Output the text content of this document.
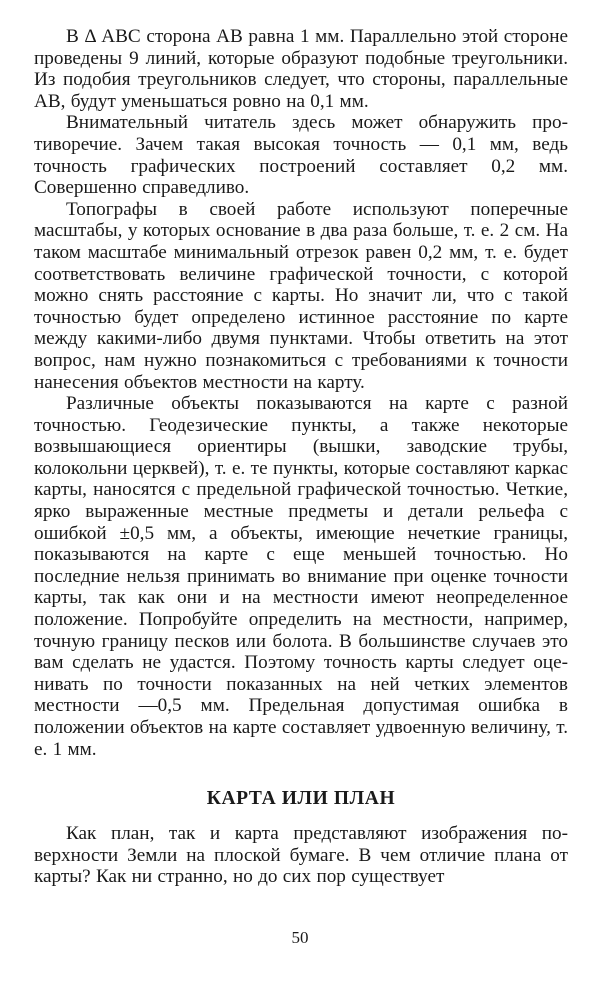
В Δ ABC сторона AB равна 1 мм. Параллельно этой стороне проведены 9 линий, которые образуют подобные треугольники. Из подобия треугольников следует, что стороны, параллельные AB, будут уменьшаться ровно на 0,1 мм.

Внимательный читатель здесь может обнаружить противоречие. Зачем такая высокая точность — 0,1 мм, ведь точность графических построений составляет 0,2 мм. Совершенно справедливо.

Топографы в своей работе используют поперечные масштабы, у которых основание в два раза больше, т. е. 2 см. На таком масштабе минимальный отрезок равен 0,2 мм, т. е. будет соответствовать величине графической точности, с которой можно снять расстояние с карты. Но значит ли, что с такой точностью будет определено истинное расстояние по карте между какими-либо двумя пунктами. Чтобы ответить на этот вопрос, нам нужно познакомиться с требованиями к точности нанесения объектов местности на карту.

Различные объекты показываются на карте с разной точностью. Геодезические пункты, а также некоторые возвышающиеся ориентиры (вышки, заводские трубы, колокольни церквей), т. е. те пункты, которые составляют каркас карты, наносятся с предельной графической точностью. Четкие, ярко выраженные местные предметы и детали рельефа с ошибкой ±0,5 мм, а объекты, имеющие нечеткие границы, показываются на карте с еще меньшей точностью. Но последние нельзя принимать во внимание при оценке точности карты, так как они и на местности имеют неопределенное положение. Попробуйте определить на местности, например, точную границу песков или болота. В большинстве случаев это вам сделать не удастся. Поэтому точность карты следует оценивать по точности показанных на ней четких элементов местности —0,5 мм. Предельная допустимая ошибка в положении объектов на карте составляет удвоенную величину, т. е. 1 мм.

КАРТА ИЛИ ПЛАН

Как план, так и карта представляют изображения поверхности Земли на плоской бумаге. В чем отличие плана от карты? Как ни странно, но до сих пор существует

50
